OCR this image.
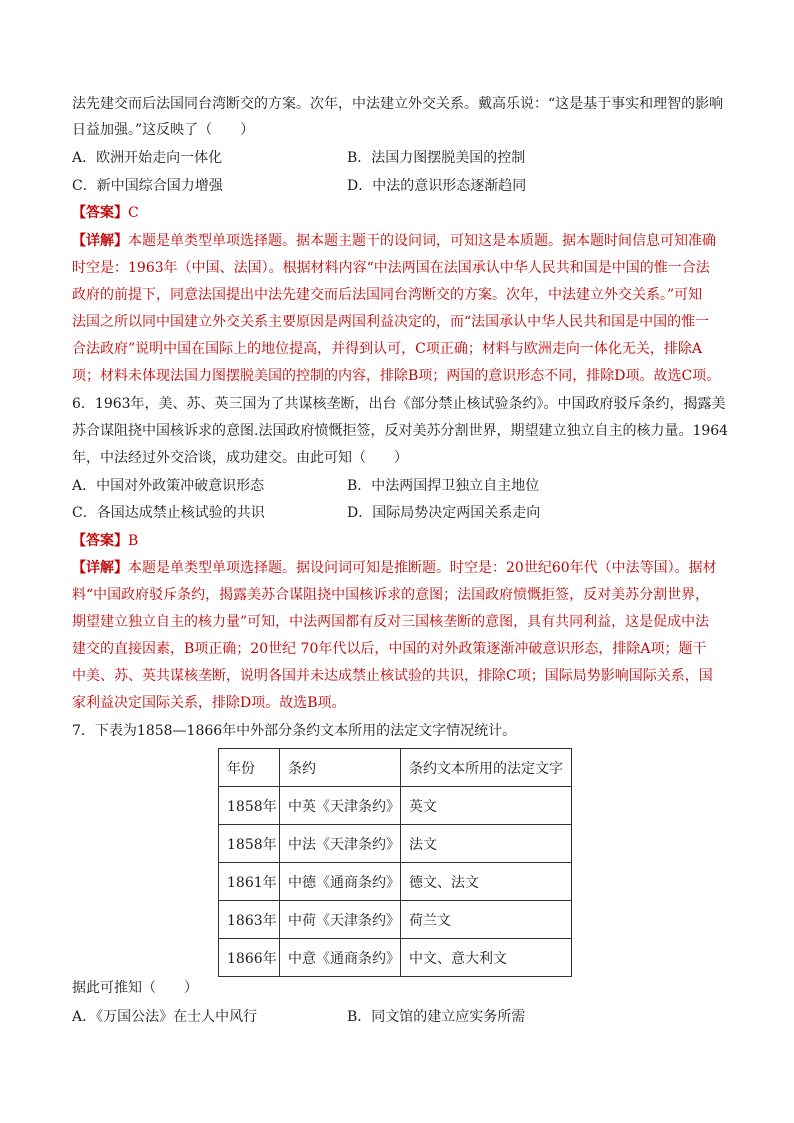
法先建交而后法国同台湾断交的方案。次年，中法建立外交关系。戴高乐说：“这是基于事实和理智的影响
日益加强。”这反映了（　　）
A．欧洲开始走向一体化	B．法国力图摆脱美国的控制
C．新中国综合国力增强	D．中法的意识形态逐渐趋同
【答案】C
【详解】本题是单类型单项选择题。据本题主题干的设问词，可知这是本质题。据本题时间信息可知准确
时空是：1963年（中国、法国）。根据材料内容“中法两国在法国承认中华人民共和国是中国的惟一合法
政府的前提下，同意法国提出中法先建交而后法国同台湾断交的方案。次年，中法建立外交关系。”可知
法国之所以同中国建立外交关系主要原因是两国利益决定的，而“法国承认中华人民共和国是中国的惟一
合法政府”说明中国在国际上的地位提高，并得到认可，C项正确；材料与欧洲走向一体化无关，排除A
项；材料未体现法国力图摆脱美国的控制的内容，排除B项；两国的意识形态不同，排除D项。故选C项。
6．1963年，美、苏、英三国为了共谋核垄断，出台《部分禁止核试验条约》。中国政府驳斥条约，揭露美
苏合谋阻挠中国核诉求的意图.法国政府愤慨拒签，反对美苏分割世界，期望建立独立自主的核力量。1964
年，中法经过外交洽谈，成功建交。由此可知（　　）
A．中国对外政策冲破意识形态	B．中法两国捍卫独立自主地位
C．各国达成禁止核试验的共识	D．国际局势决定两国关系走向
【答案】B
【详解】本题是单类型单项选择题。据设问词可知是推断题。时空是：20世纪60年代（中法等国）。据材
料“中国政府驳斥条约，揭露美苏合谋阻挠中国核诉求的意图；法国政府愤慨拒签，反对美苏分割世界，
期望建立独立自主的核力量”可知，中法两国都有反对三国核垄断的意图，具有共同利益，这是促成中法
建交的直接因素，B项正确；20世纪 70年代以后，中国的对外政策逐渐冲破意识形态，排除A项；题干
中美、苏、英共谋核垄断，说明各国并未达成禁止核试验的共识，排除C项；国际局势影响国际关系，国
家利益决定国际关系，排除D项。故选B项。
7．下表为1858—1866年中外部分条约文本所用的法定文字情况统计。
年份	条约	条约文本所用的法定文字
1858年	中英《天津条约》	英文
1858年	中法《天津条约》	法文
1861年	中德《通商条约》	德文、法文
1863年	中荷《天津条约》	荷兰文
1866年	中意《通商条约》	中文、意大利文
据此可推知（　　）
A．《万国公法》在士人中风行	B．同文馆的建立应实务所需
